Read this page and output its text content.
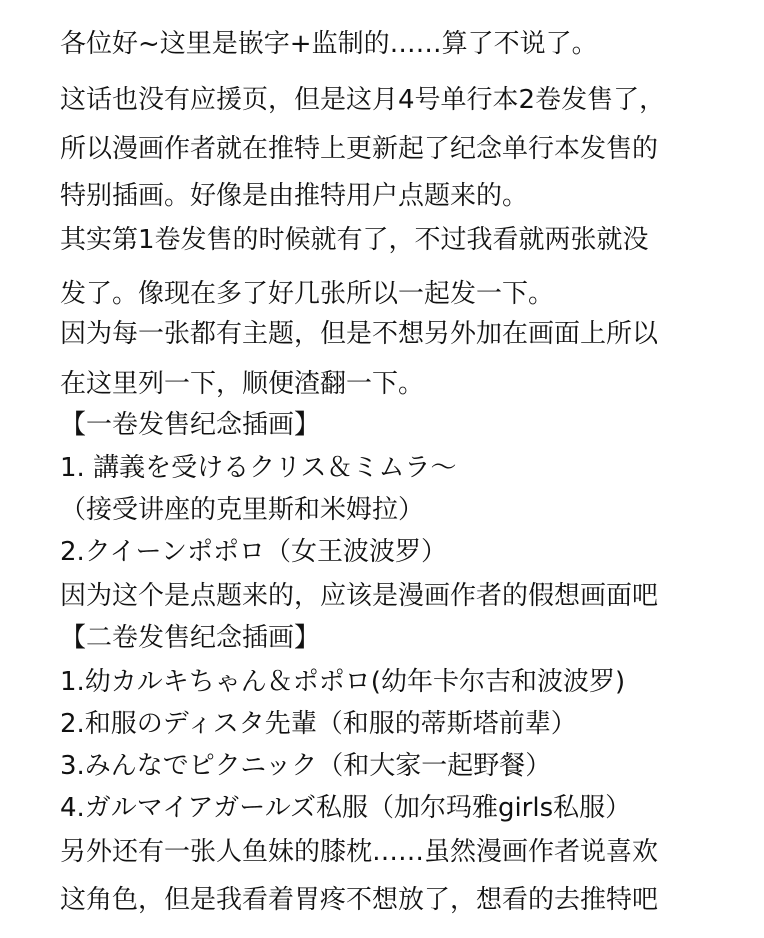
各位好~这里是嵌字+监制的……算了不说了。
这话也没有应援页，但是这月4号单行本2卷发售了，
所以漫画作者就在推特上更新起了纪念单行本发售的
特别插画。好像是由推特用户点题来的。
其实第1卷发售的时候就有了，不过我看就两张就没
发了。像现在多了好几张所以一起发一下。
因为每一张都有主题，但是不想另外加在画面上所以
在这里列一下，顺便渣翻一下。
【一卷发售纪念插画】
1. 講義を受けるクリス＆ミムラ～
（接受讲座的克里斯和米姆拉）
2.クイーンポポロ（女王波波罗）
因为这个是点题来的，应该是漫画作者的假想画面吧
【二卷发售纪念插画】
1.幼カルキちゃん＆ポポロ(幼年卡尔吉和波波罗)
2.和服のディスタ先輩（和服的蒂斯塔前辈）
3.みんなでピクニック（和大家一起野餐）
4.ガルマイアガールズ私服（加尔玛雅girls私服）
另外还有一张人鱼妹的膝枕……虽然漫画作者说喜欢
这角色，但是我看着胃疼不想放了，想看的去推特吧
